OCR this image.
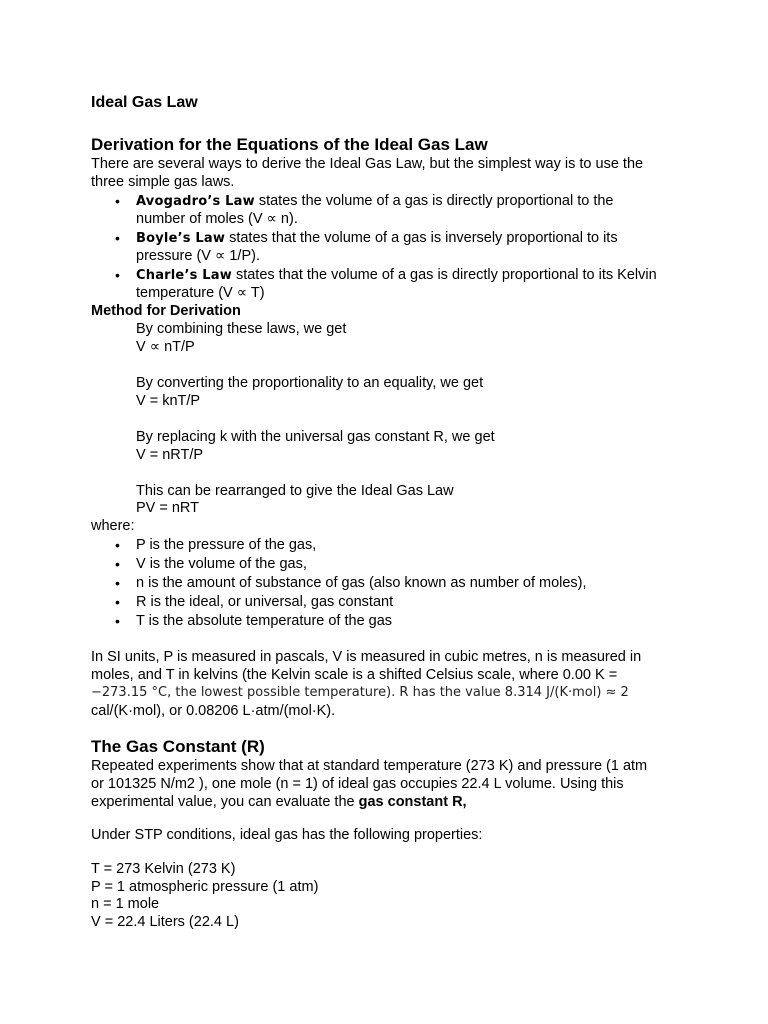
Ideal Gas Law
Derivation for the Equations of the Ideal Gas Law
There are several ways to derive the Ideal Gas Law, but the simplest way is to use the
three simple gas laws.
• Avogadro’s Law states the volume of a gas is directly proportional to the
number of moles (V ∝ n).
• Boyle’s Law states that the volume of a gas is inversely proportional to its
pressure (V ∝ 1/P).
• Charle’s Law states that the volume of a gas is directly proportional to its Kelvin
temperature (V ∝ T)
Method for Derivation
By combining these laws, we get
V ∝ nT/P
By converting the proportionality to an equality, we get
V = knT/P
By replacing k with the universal gas constant R, we get
V = nRT/P
This can be rearranged to give the Ideal Gas Law
PV = nRT
where:
• P is the pressure of the gas,
• V is the volume of the gas,
• n is the amount of substance of gas (also known as number of moles),
• R is the ideal, or universal, gas constant
• T is the absolute temperature of the gas
In SI units, P is measured in pascals, V is measured in cubic metres, n is measured in
moles, and T in kelvins (the Kelvin scale is a shifted Celsius scale, where 0.00 K =
−273.15 °C, the lowest possible temperature). R has the value 8.314 J/(K·mol) ≈ 2
cal/(K·mol), or 0.08206 L·atm/(mol·K).
The Gas Constant (R)
Repeated experiments show that at standard temperature (273 K) and pressure (1 atm
or 101325 N/m2 ), one mole (n = 1) of ideal gas occupies 22.4 L volume. Using this
experimental value, you can evaluate the gas constant R,
Under STP conditions, ideal gas has the following properties:
T = 273 Kelvin (273 K)
P = 1 atmospheric pressure (1 atm)
n = 1 mole
V = 22.4 Liters (22.4 L)
